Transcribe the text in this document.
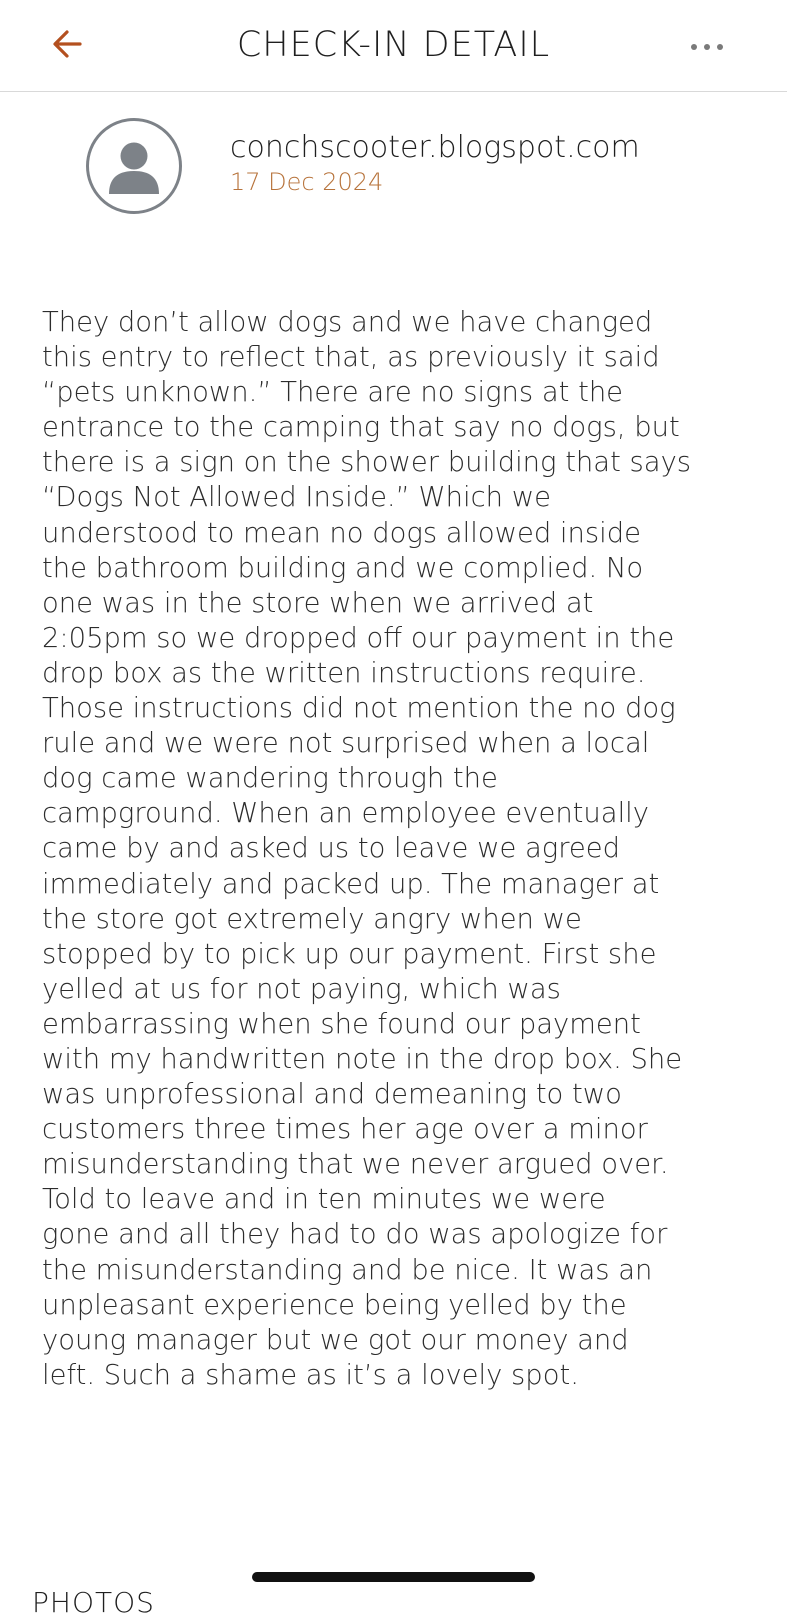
CHECK-IN DETAIL
conchscooter.blogspot.com
17 Dec 2024
They don’t allow dogs and we have changed
this entry to reflect that, as previously it said
“pets unknown.” There are no signs at the
entrance to the camping that say no dogs, but
there is a sign on the shower building that says
“Dogs Not Allowed Inside.” Which we
understood to mean no dogs allowed inside
the bathroom building and we complied. No
one was in the store when we arrived at
2:05pm so we dropped off our payment in the
drop box as the written instructions require.
Those instructions did not mention the no dog
rule and we were not surprised when a local
dog came wandering through the
campground. When an employee eventually
came by and asked us to leave we agreed
immediately and packed up. The manager at
the store got extremely angry when we
stopped by to pick up our payment. First she
yelled at us for not paying, which was
embarrassing when she found our payment
with my handwritten note in the drop box. She
was unprofessional and demeaning to two
customers three times her age over a minor
misunderstanding that we never argued over.
Told to leave and in ten minutes we were
gone and all they had to do was apologize for
the misunderstanding and be nice. It was an
unpleasant experience being yelled by the
young manager but we got our money and
left. Such a shame as it’s a lovely spot.
PHOTOS
